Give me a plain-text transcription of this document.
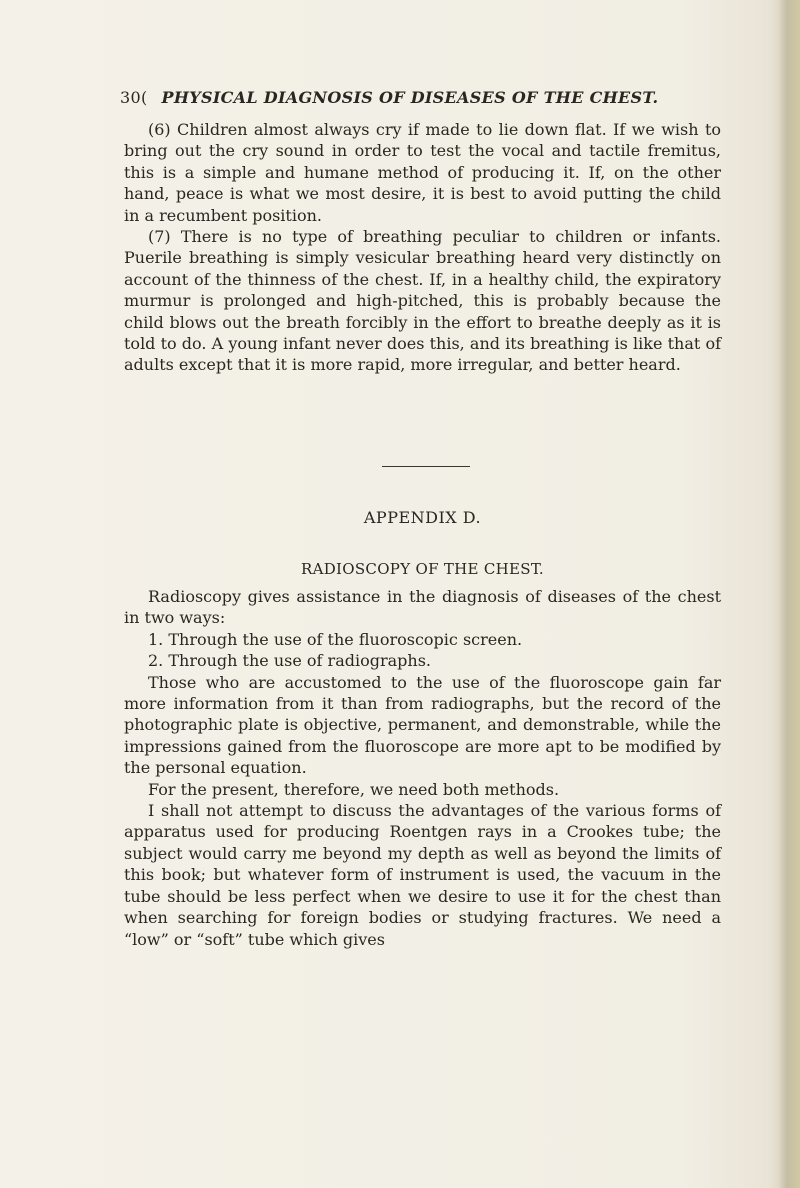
30( PHYSICAL DIAGNOSIS OF DISEASES OF THE CHEST.

(6) Children almost always cry if made to lie down flat. If we wish to bring out the cry sound in order to test the vocal and tactile fremitus, this is a simple and humane method of producing it. If, on the other hand, peace is what we most desire, it is best to avoid putting the child in a recumbent position.

(7) There is no type of breathing peculiar to children or infants. Puerile breathing is simply vesicular breathing heard very distinctly on account of the thinness of the chest. If, in a healthy child, the expiratory murmur is prolonged and high-pitched, this is probably because the child blows out the breath forcibly in the effort to breathe deeply as it is told to do. A young infant never does this, and its breathing is like that of adults except that it is more rapid, more irregular, and better heard.

APPENDIX D.
RADIOSCOPY OF THE CHEST.

Radioscopy gives assistance in the diagnosis of diseases of the chest in two ways:

1. Through the use of the fluoroscopic screen.

2. Through the use of radiographs.

Those who are accustomed to the use of the fluoroscope gain far more information from it than from radiographs, but the record of the photographic plate is objective, permanent, and demonstrable, while the impressions gained from the fluoroscope are more apt to be modified by the personal equation.

For the present, therefore, we need both methods.

I shall not attempt to discuss the advantages of the various forms of apparatus used for producing Roentgen rays in a Crookes tube; the subject would carry me beyond my depth as well as beyond the limits of this book; but whatever form of instrument is used, the vacuum in the tube should be less perfect when we desire to use it for the chest than when searching for foreign bodies or studying fractures. We need a “low” or “soft” tube which gives
